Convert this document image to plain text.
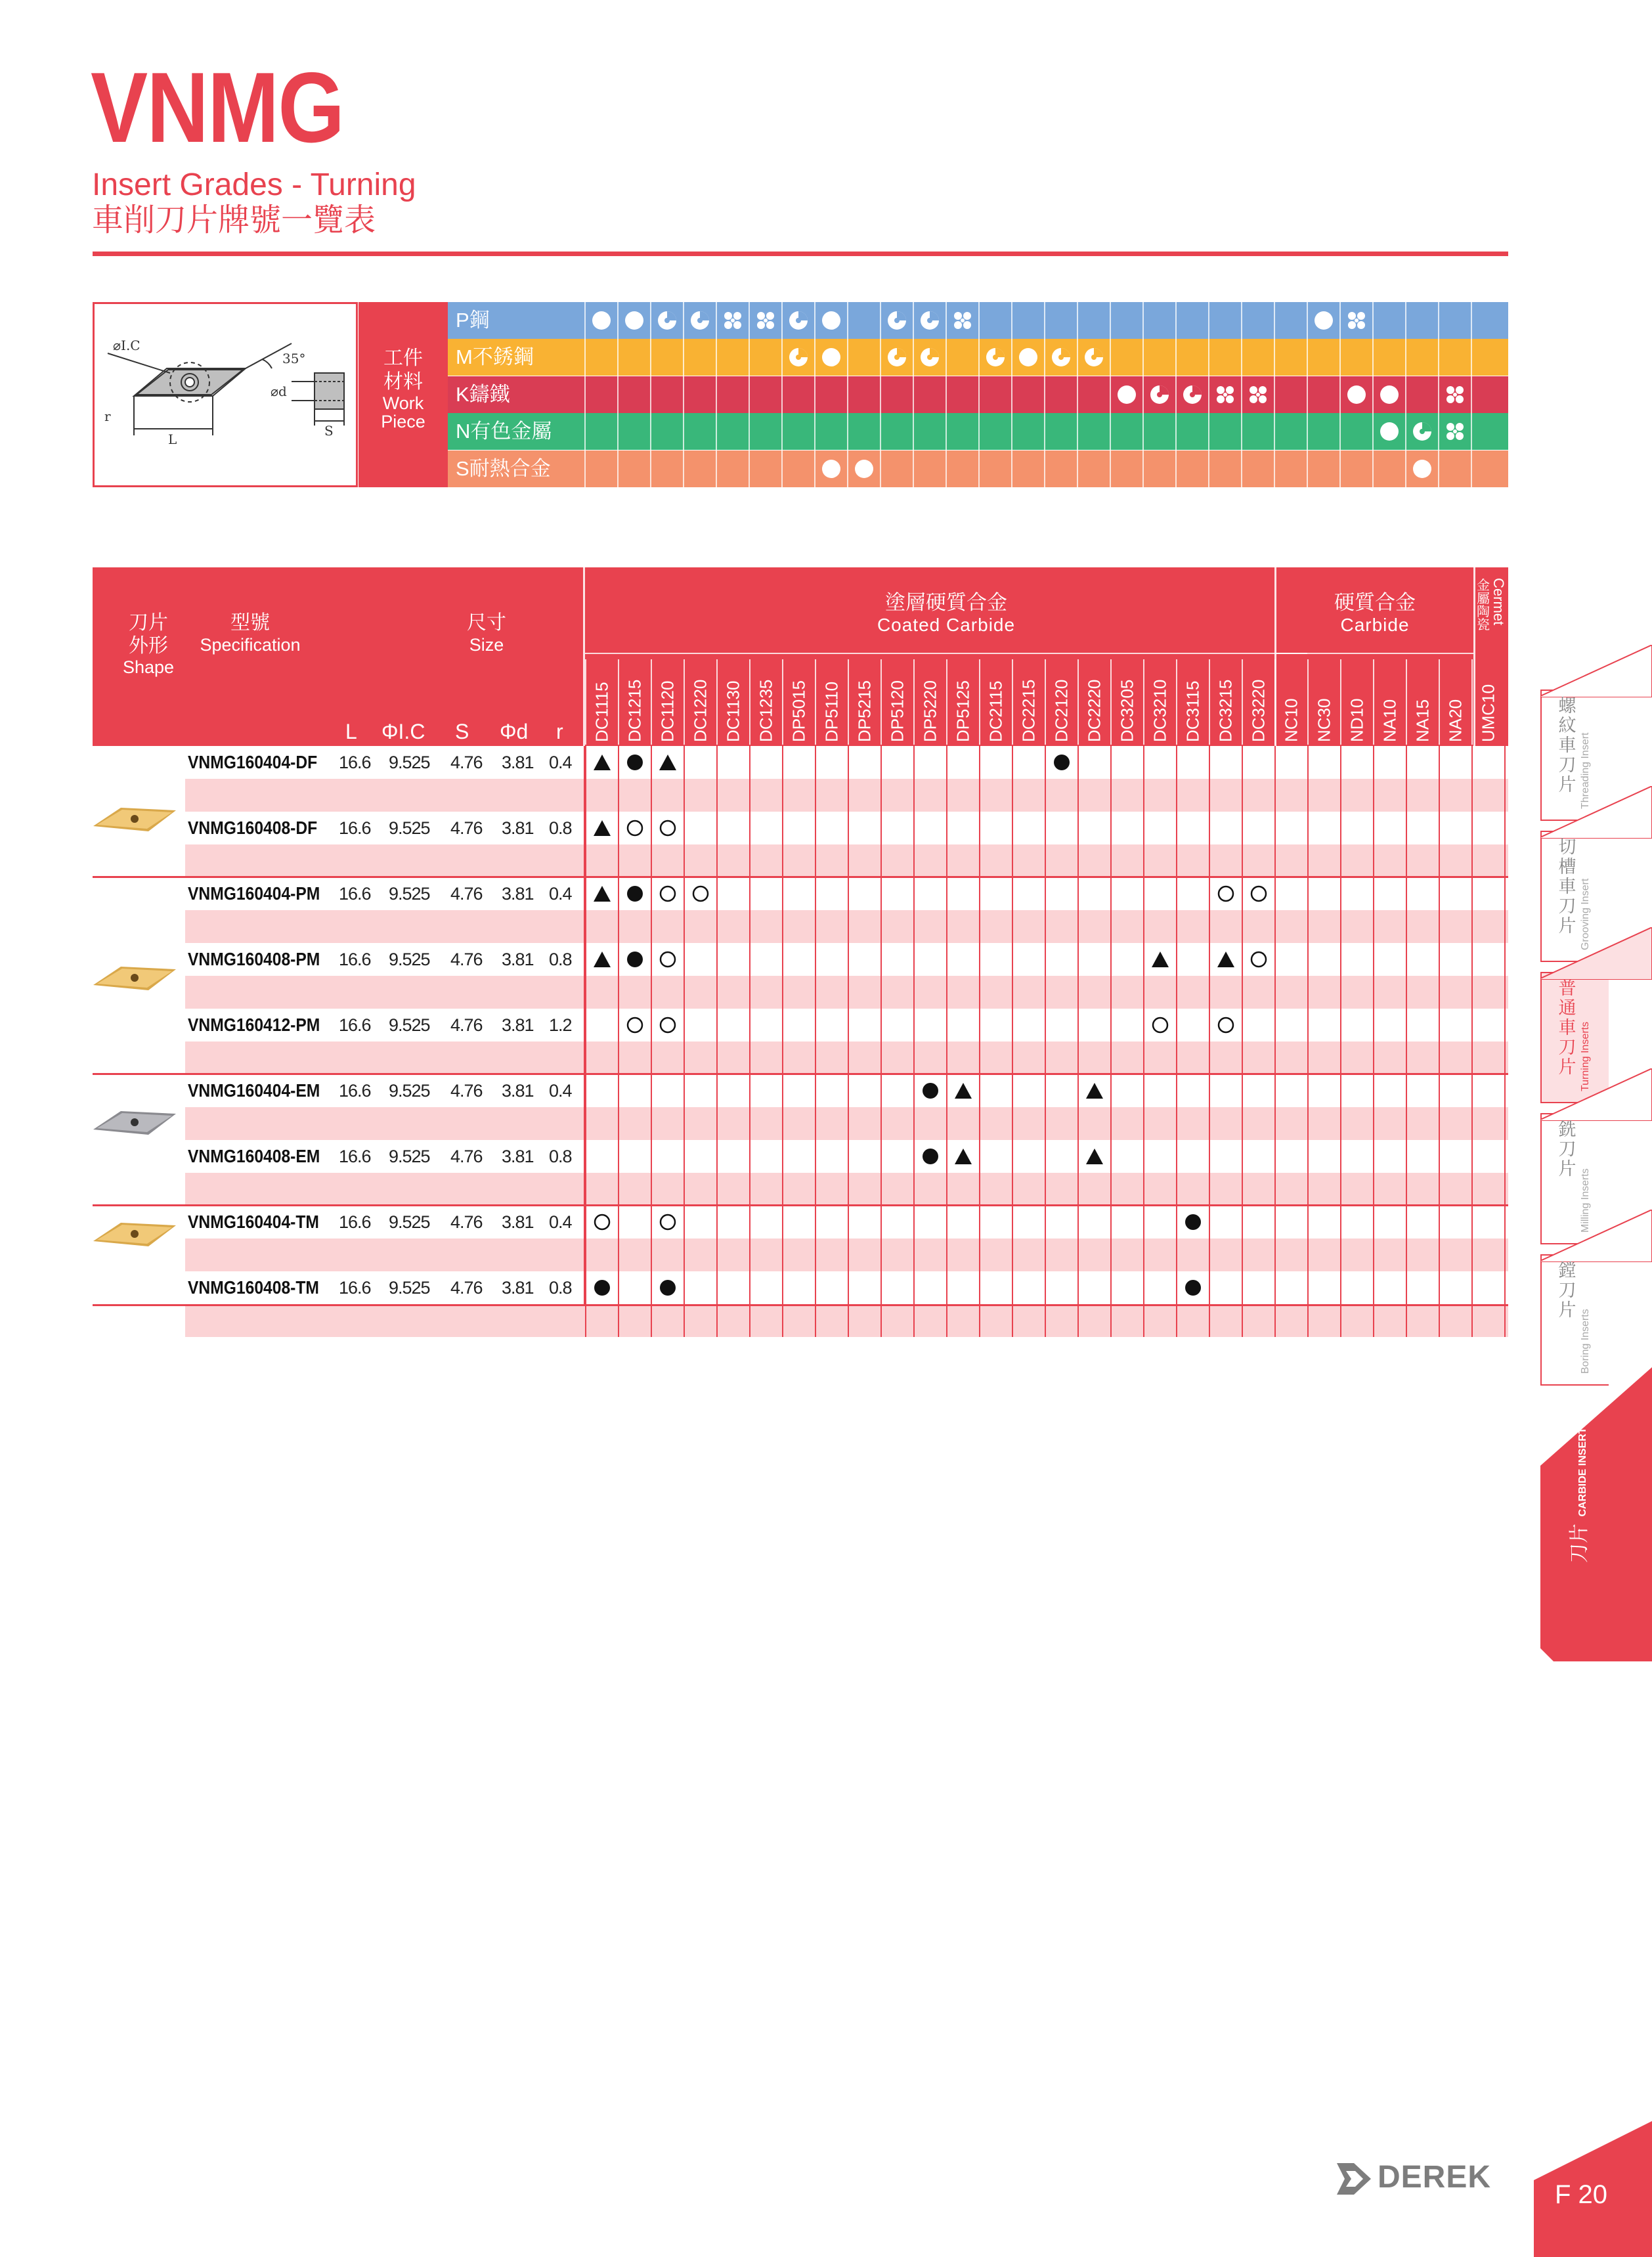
VNMG
Insert Grades - Turning
車削刀片牌號一覽表
⌀I.C
35°
⌀d
r
L
S
工件
材料
Work
Piece
P鋼
M不銹鋼
K鑄鐵
N有色金屬
S耐熱合金
刀片
外形
Shape
型號
Specification
尺寸
Size
塗層硬質合金
Coated Carbide
硬質合金
Carbide
金屬陶瓷 Cermet
DC1115 DC1215 DC1120 DC1220 DC1130 DC1235 DP5015 DP5110 DP5215 DP5120 DP5220 DP5125 DC2115 DC2215 DC2120 DC2220 DC3205 DC3210 DC3115 DC3215 DC3220 NC10 NC30 ND10 NA10 NA15 NA20 UMC10
L ΦI.C S Φd r
VNMG160404-DF 16.6 9.525 4.76 3.81 0.4
VNMG160408-DF 16.6 9.525 4.76 3.81 0.8
VNMG160404-PM 16.6 9.525 4.76 3.81 0.4
VNMG160408-PM 16.6 9.525 4.76 3.81 0.8
VNMG160412-PM 16.6 9.525 4.76 3.81 1.2
VNMG160404-EM 16.6 9.525 4.76 3.81 0.4
VNMG160408-EM 16.6 9.525 4.76 3.81 0.8
VNMG160404-TM 16.6 9.525 4.76 3.81 0.4
VNMG160408-TM 16.6 9.525 4.76 3.81 0.8
螺紋車刀片 Threading Insert
切槽車刀片 Grooving Insert
普通車刀片 Turning Inserts
銑刀片 Milling Inserts
鏜刀片 Boring Inserts
刀片 CARBIDE INSERTS
DEREK F 20
